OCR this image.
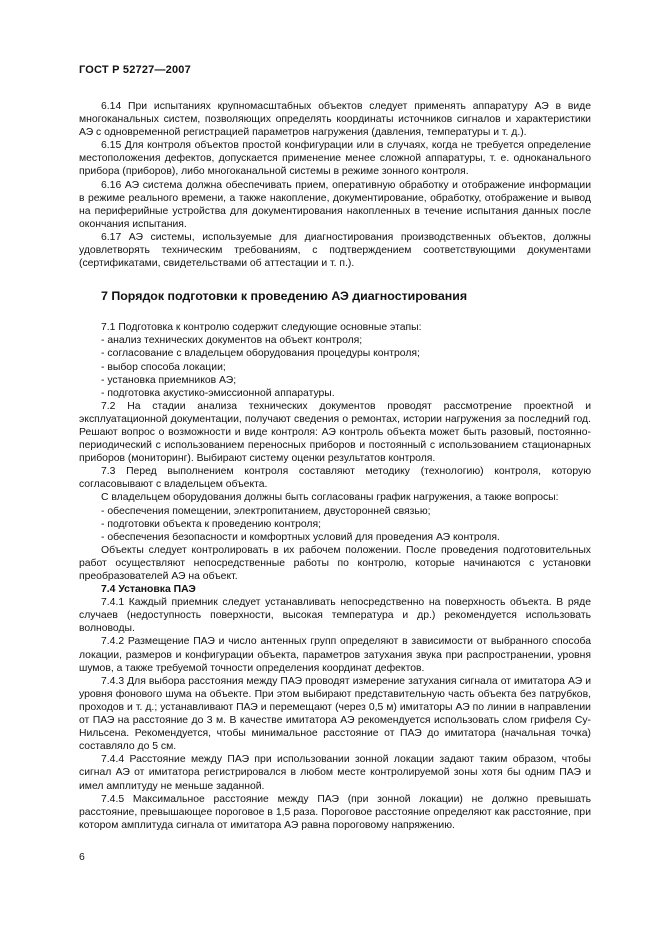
ГОСТ Р 52727—2007

6.14 При испытаниях крупномасштабных объектов следует применять аппаратуру АЭ в виде многоканальных систем, позволяющих определять координаты источников сигналов и характеристики АЭ с одновременной регистрацией параметров нагружения (давления, температуры и т. д.).

6.15 Для контроля объектов простой конфигурации или в случаях, когда не требуется определение местоположения дефектов, допускается применение менее сложной аппаратуры, т. е. одноканального прибора (приборов), либо многоканальной системы в режиме зонного контроля.

6.16 АЭ система должна обеспечивать прием, оперативную обработку и отображение информации в режиме реального времени, а также накопление, документирование, обработку, отображение и вывод на периферийные устройства для документирования накопленных в течение испытания данных после окончания испытания.

6.17 АЭ системы, используемые для диагностирования производственных объектов, должны удовлетворять техническим требованиям, с подтверждением соответствующими документами (сертификатами, свидетельствами об аттестации и т. п.).

7 Порядок подготовки к проведению АЭ диагностирования

7.1 Подготовка к контролю содержит следующие основные этапы:

- анализ технических документов на объект контроля;

- согласование с владельцем оборудования процедуры контроля;

- выбор способа локации;

- установка приемников АЭ;

- подготовка акустико-эмиссионной аппаратуры.

7.2 На стадии анализа технических документов проводят рассмотрение проектной и эксплуатационной документации, получают сведения о ремонтах, истории нагружения за последний год. Решают вопрос о возможности и виде контроля: АЭ контроль объекта может быть разовый, постоянно-периодический с использованием переносных приборов и постоянный с использованием стационарных приборов (мониторинг). Выбирают систему оценки результатов контроля.

7.3 Перед выполнением контроля составляют методику (технологию) контроля, которую согласовывают с владельцем объекта.

С владельцем оборудования должны быть согласованы график нагружения, а также вопросы:

- обеспечения помещении, электропитанием, двусторонней связью;

- подготовки объекта к проведению контроля;

- обеспечения безопасности и комфортных условий для проведения АЭ контроля.

Объекты следует контролировать в их рабочем положении. После проведения подготовительных работ осуществляют непосредственные работы по контролю, которые начинаются с установки преобразователей АЭ на объект.

7.4 Установка ПАЭ

7.4.1 Каждый приемник следует устанавливать непосредственно на поверхность объекта. В ряде случаев (недоступность поверхности, высокая температура и др.) рекомендуется использовать волноводы.

7.4.2 Размещение ПАЭ и число антенных групп определяют в зависимости от выбранного способа локации, размеров и конфигурации объекта, параметров затухания звука при распространении, уровня шумов, а также требуемой точности определения координат дефектов.

7.4.3 Для выбора расстояния между ПАЭ проводят измерение затухания сигнала от имитатора АЭ и уровня фонового шума на объекте. При этом выбирают представительную часть объекта без патрубков, проходов и т. д.; устанавливают ПАЭ и перемещают (через 0,5 м) имитаторы АЭ по линии в направлении от ПАЭ на расстояние до 3 м. В качестве имитатора АЭ рекомендуется использовать слом грифеля Су-Нильсена. Рекомендуется, чтобы минимальное расстояние от ПАЭ до имитатора (начальная точка) составляло до 5 см.

7.4.4 Расстояние между ПАЭ при использовании зонной локации задают таким образом, чтобы сигнал АЭ от имитатора регистрировался в любом месте контролируемой зоны хотя бы одним ПАЭ и имел амплитуду не меньше заданной.

7.4.5 Максимальное расстояние между ПАЭ (при зонной локации) не должно превышать расстояние, превышающее пороговое в 1,5 раза. Пороговое расстояние определяют как расстояние, при котором амплитуда сигнала от имитатора АЭ равна пороговому напряжению.

6
